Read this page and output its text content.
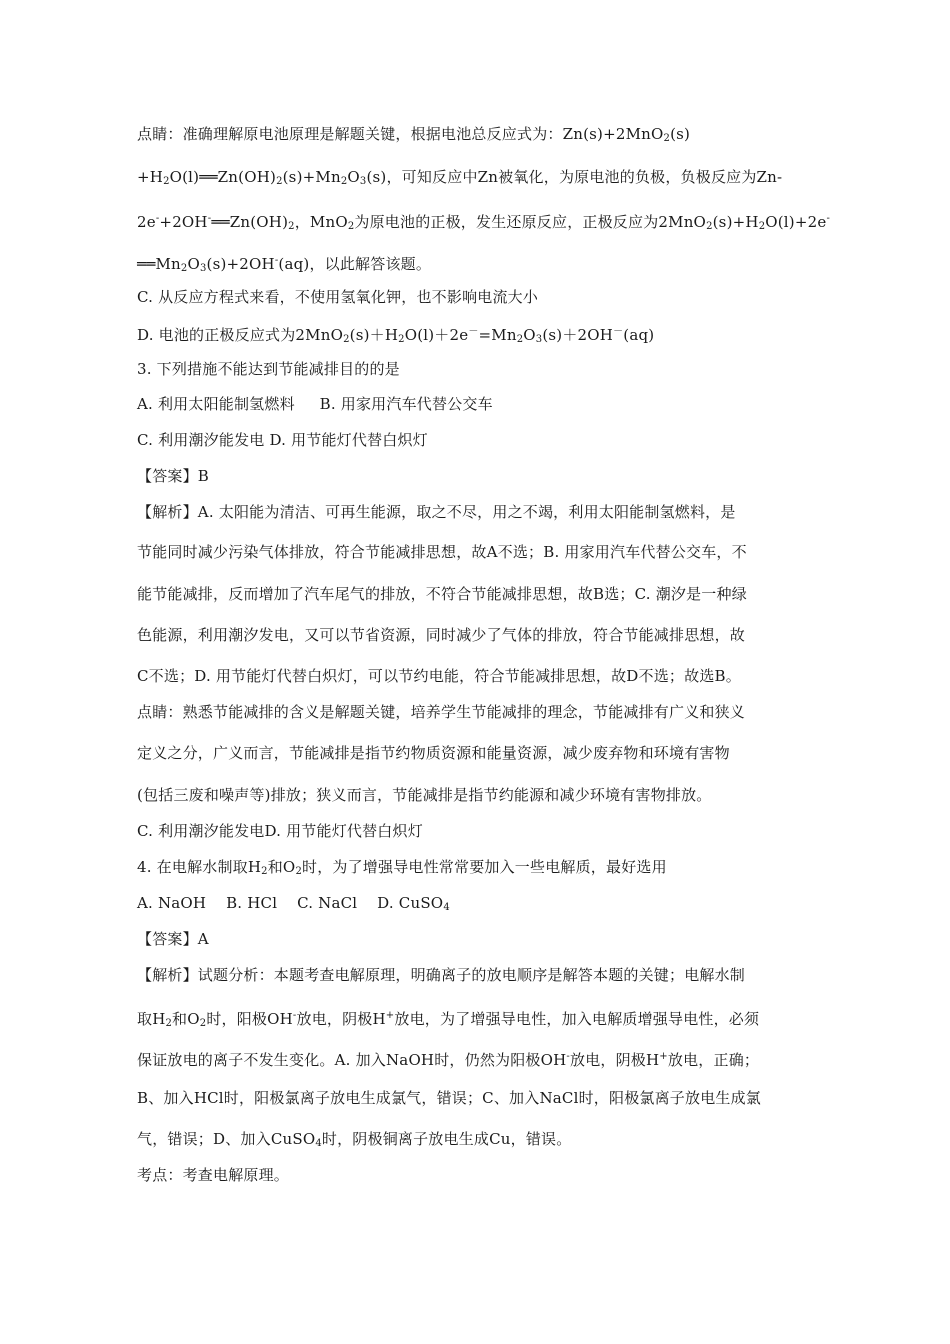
点睛：准确理解原电池原理是解题关键，根据电池总反应式为：Zn(s)+2MnO$_2$(s)
$+H_2O(l)══Zn(OH)_2(s)+Mn_2O_3(s)$，可知反应中Zn被氧化，为原电池的负极，负极反应为Zn-
$2e^-+2OH^-══Zn(OH)_2$，MnO$_2$为原电池的正极，发生还原反应，正极反应为$2MnO_2(s)+H_2O(l)+2e^-$
$══Mn_2O_3(s)+2OH^-(aq)$，以此解答该题。
C. 从反应方程式来看，不使用氢氧化钾，也不影响电流大小
D. 电池的正极反应式为$2MnO_2(s)+H_2O(l)+2e^-=Mn_2O_3(s)+2OH^-(aq)$
3. 下列措施不能达到节能减排目的的是
A. 利用太阳能制氢燃料     B. 用家用汽车代替公交车
C. 利用潮汐能发电 D. 用节能灯代替白炽灯
【答案】B
【解析】A. 太阳能为清洁、可再生能源，取之不尽，用之不竭，利用太阳能制氢燃料，是
节能同时减少污染气体排放，符合节能减排思想，故A不选；B. 用家用汽车代替公交车，不
能节能减排，反而增加了汽车尾气的排放，不符合节能减排思想，故B选；C. 潮汐是一种绿
色能源，利用潮汐发电，又可以节省资源，同时减少了气体的排放，符合节能减排思想，故
C不选；D. 用节能灯代替白炽灯，可以节约电能，符合节能减排思想，故D不选；故选B。
点睛：熟悉节能减排的含义是解题关键，培养学生节能减排的理念，节能减排有广义和狭义
定义之分，广义而言，节能减排是指节约物质资源和能量资源，减少废弃物和环境有害物
(包括三废和噪声等)排放；狭义而言，节能减排是指节约能源和减少环境有害物排放。
C. 利用潮汐能发电D. 用节能灯代替白炽灯
4. 在电解水制取$H_2$和$O_2$时，为了增强导电性常常要加入一些电解质，最好选用
A. NaOH    B. HCl    C. NaCl    D. CuSO$_4$
【答案】A
【解析】试题分析：本题考查电解原理，明确离子的放电顺序是解答本题的关键；电解水制
取$H_2$和$O_2$时，阳极OH-放电，阴极H+放电，为了增强导电性，加入电解质增强导电性，必须
保证放电的离子不发生变化。A. 加入NaOH时，仍然为阳极OH-放电，阴极H+放电，正确；
B、加入HCl时，阳极氯离子放电生成氯气，错误；C、加入NaCl时，阳极氯离子放电生成氯
气，错误；D、加入CuSO$_4$时，阴极铜离子放电生成Cu，错误。
考点：考查电解原理。
